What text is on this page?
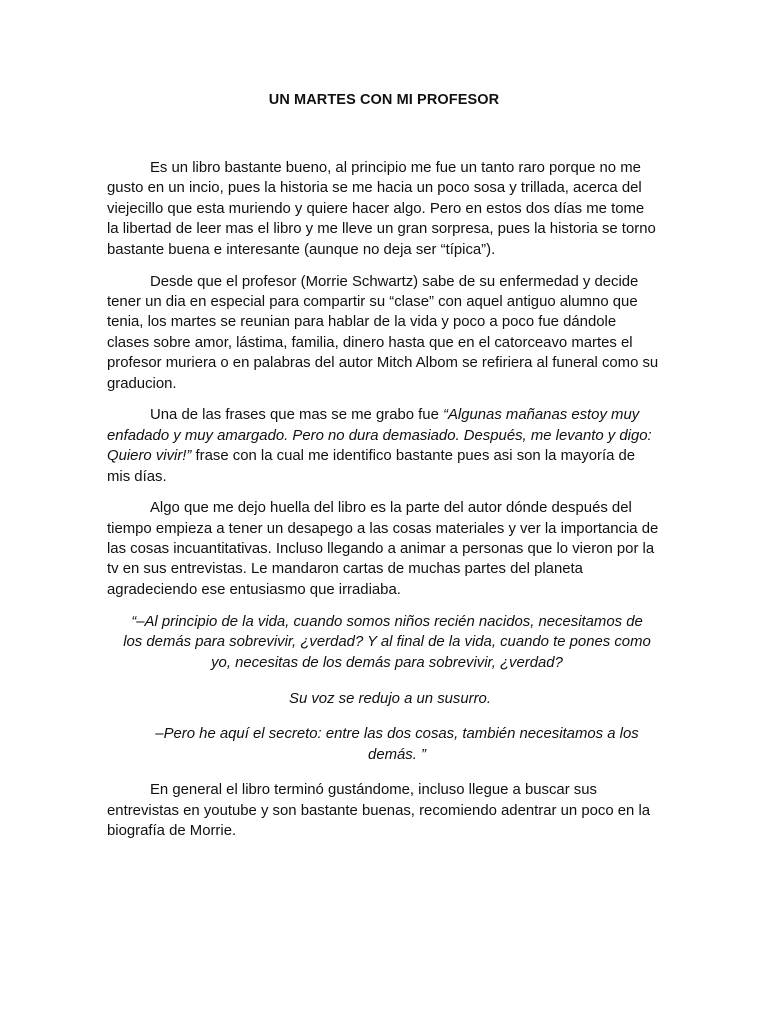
UN MARTES CON MI PROFESOR

Es un libro bastante bueno, al principio me fue un tanto raro porque no me gusto en un incio, pues la historia se me hacia un poco sosa y trillada, acerca del viejecillo que esta muriendo y quiere hacer algo. Pero en estos dos días me tome la libertad de leer mas el libro y me lleve un gran sorpresa, pues la historia se torno bastante buena e interesante (aunque no deja ser “típica”).

Desde que el profesor (Morrie Schwartz) sabe de su enfermedad y decide tener un dia en especial para compartir su “clase” con aquel antiguo alumno que tenia, los martes se reunian para hablar de la vida y poco a poco fue dándole clases sobre amor, lástima, familia, dinero hasta que en el catorceavo martes el profesor muriera o en palabras del autor Mitch Albom se refiriera al funeral como su graducion.

Una de las frases que mas se me grabo fue “Algunas mañanas estoy muy enfadado y muy amargado. Pero no dura demasiado. Después, me levanto y digo: Quiero vivir!” frase con la cual me identifico bastante pues asi son la mayoría de mis días.

Algo que me dejo huella del libro es la parte del autor dónde después del tiempo empieza a tener un desapego a las cosas materiales y ver la importancia de las cosas incuantitativas. Incluso llegando a animar a personas que lo vieron por la tv en sus entrevistas. Le mandaron cartas de muchas partes del planeta agradeciendo ese entusiasmo que irradiaba.

“–Al principio de la vida, cuando somos niños recién nacidos, necesitamos de los demás para sobrevivir, ¿verdad? Y al final de la vida, cuando te pones como yo, necesitas de los demás para sobrevivir, ¿verdad?

Su voz se redujo a un susurro.

–Pero he aquí el secreto: entre las dos cosas, también necesitamos a los demás. ”

En general el libro terminó gustándome, incluso llegue a buscar sus entrevistas en youtube y son bastante buenas, recomiendo adentrar un poco en la biografía de Morrie.
